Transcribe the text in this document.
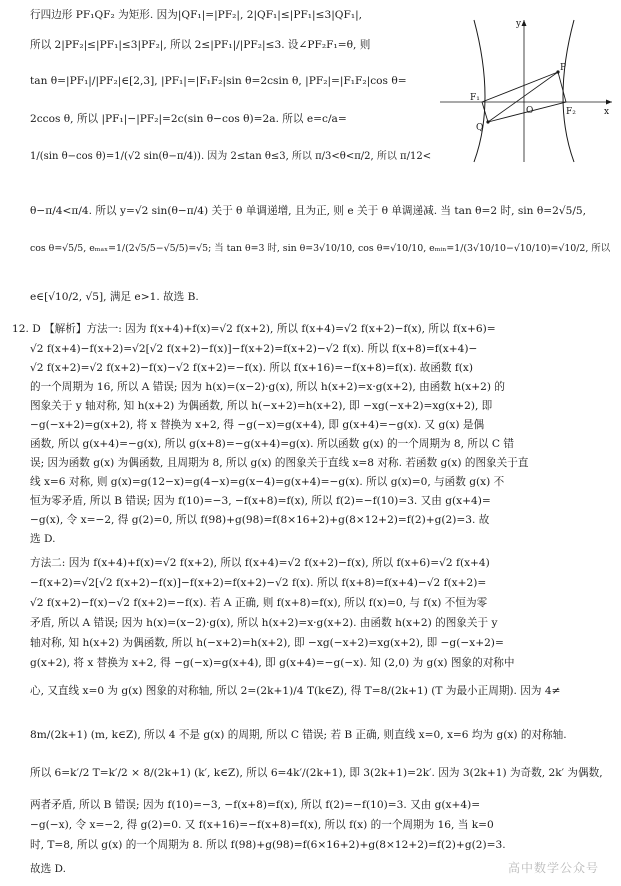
行四边形 PF₁QF₂ 为矩形. 因为|QF₁|=|PF₂|, 2|QF₁|≤|PF₁|≤3|QF₁|,
所以 2|PF₂|≤|PF₁|≤3|PF₂|, 所以 2≤|PF₁|/|PF₂|≤3. 设∠PF₂F₁=θ, 则
tan θ=|PF₁|/|PF₂|∈[2,3], |PF₁|=|F₁F₂|sin θ=2csin θ, |PF₂|=|F₁F₂|cos θ=
2ccos θ, 所以 |PF₁|−|PF₂|=2c(sin θ−cos θ)=2a. 所以 e=c/a=
1/(sin θ−cos θ)=1/(√2 sin(θ−π/4)). 因为 2≤tan θ≤3, 所以 π/3<θ<π/2, 所以 π/12<
y
x
P
F₁
O	F₂
Q
θ−π/4<π/4. 所以 y=√2 sin(θ−π/4) 关于 θ 单调递增, 且为正, 则 e 关于 θ 单调递减. 当 tan θ=2 时, sin θ=2√5/5,
cos θ=√5/5, eₘₐₓ=1/(2√5/5−√5/5)=√5; 当 tan θ=3 时, sin θ=3√10/10, cos θ=√10/10, eₘᵢₙ=1/(3√10/10−√10/10)=√10/2, 所以
e∈[√10/2, √5], 满足 e>1. 故选 B.
12. D 【解析】方法一: 因为 f(x+4)+f(x)=√2 f(x+2), 所以 f(x+4)=√2 f(x+2)−f(x), 所以 f(x+6)=
√2 f(x+4)−f(x+2)=√2[√2 f(x+2)−f(x)]−f(x+2)=f(x+2)−√2 f(x). 所以 f(x+8)=f(x+4)−
√2 f(x+2)=√2 f(x+2)−f(x)−√2 f(x+2)=−f(x). 所以 f(x+16)=−f(x+8)=f(x). 故函数 f(x)
的一个周期为 16, 所以 A 错误; 因为 h(x)=(x−2)·g(x), 所以 h(x+2)=x·g(x+2), 由函数 h(x+2) 的
图象关于 y 轴对称, 知 h(x+2) 为偶函数, 所以 h(−x+2)=h(x+2), 即 −xg(−x+2)=xg(x+2), 即
−g(−x+2)=g(x+2), 将 x 替换为 x+2, 得 −g(−x)=g(x+4), 即 g(x+4)=−g(x). 又 g(x) 是偶
函数, 所以 g(x+4)=−g(x), 所以 g(x+8)=−g(x+4)=g(x). 所以函数 g(x) 的一个周期为 8, 所以 C 错
误; 因为函数 g(x) 为偶函数, 且周期为 8, 所以 g(x) 的图象关于直线 x=8 对称. 若函数 g(x) 的图象关于直
线 x=6 对称, 则 g(x)=g(12−x)=g(4−x)=g(x−4)=g(x+4)=−g(x). 所以 g(x)=0, 与函数 g(x) 不
恒为零矛盾, 所以 B 错误; 因为 f(10)=−3, −f(x+8)=f(x), 所以 f(2)=−f(10)=3. 又由 g(x+4)=
−g(x), 令 x=−2, 得 g(2)=0, 所以 f(98)+g(98)=f(8×16+2)+g(8×12+2)=f(2)+g(2)=3. 故
选 D.
方法二: 因为 f(x+4)+f(x)=√2 f(x+2), 所以 f(x+4)=√2 f(x+2)−f(x), 所以 f(x+6)=√2 f(x+4)
−f(x+2)=√2[√2 f(x+2)−f(x)]−f(x+2)=f(x+2)−√2 f(x). 所以 f(x+8)=f(x+4)−√2 f(x+2)=
√2 f(x+2)−f(x)−√2 f(x+2)=−f(x). 若 A 正确, 则 f(x+8)=f(x), 所以 f(x)=0, 与 f(x) 不恒为零
矛盾, 所以 A 错误; 因为 h(x)=(x−2)·g(x), 所以 h(x+2)=x·g(x+2). 由函数 h(x+2) 的图象关于 y
轴对称, 知 h(x+2) 为偶函数, 所以 h(−x+2)=h(x+2), 即 −xg(−x+2)=xg(x+2), 即 −g(−x+2)=
g(x+2), 将 x 替换为 x+2, 得 −g(−x)=g(x+4), 即 g(x+4)=−g(−x). 知 (2,0) 为 g(x) 图象的对称中
心, 又直线 x=0 为 g(x) 图象的对称轴, 所以 2=(2k+1)/4 T(k∈Z), 得 T=8/(2k+1) (T 为最小正周期). 因为 4≠
8m/(2k+1) (m, k∈Z), 所以 4 不是 g(x) 的周期, 所以 C 错误; 若 B 正确, 则直线 x=0, x=6 均为 g(x) 的对称轴.
所以 6=k′/2 T=k′/2 × 8/(2k+1) (k′, k∈Z), 所以 6=4k′/(2k+1), 即 3(2k+1)=2k′. 因为 3(2k+1) 为奇数, 2k′ 为偶数,
两者矛盾, 所以 B 错误; 因为 f(10)=−3, −f(x+8)=f(x), 所以 f(2)=−f(10)=3. 又由 g(x+4)=
−g(−x), 令 x=−2, 得 g(2)=0. 又 f(x+16)=−f(x+8)=f(x), 所以 f(x) 的一个周期为 16, 当 k=0
时, T=8, 所以 g(x) 的一个周期为 8. 所以 f(98)+g(98)=f(6×16+2)+g(8×12+2)=f(2)+g(2)=3.
故选 D.	高中数学公众号
